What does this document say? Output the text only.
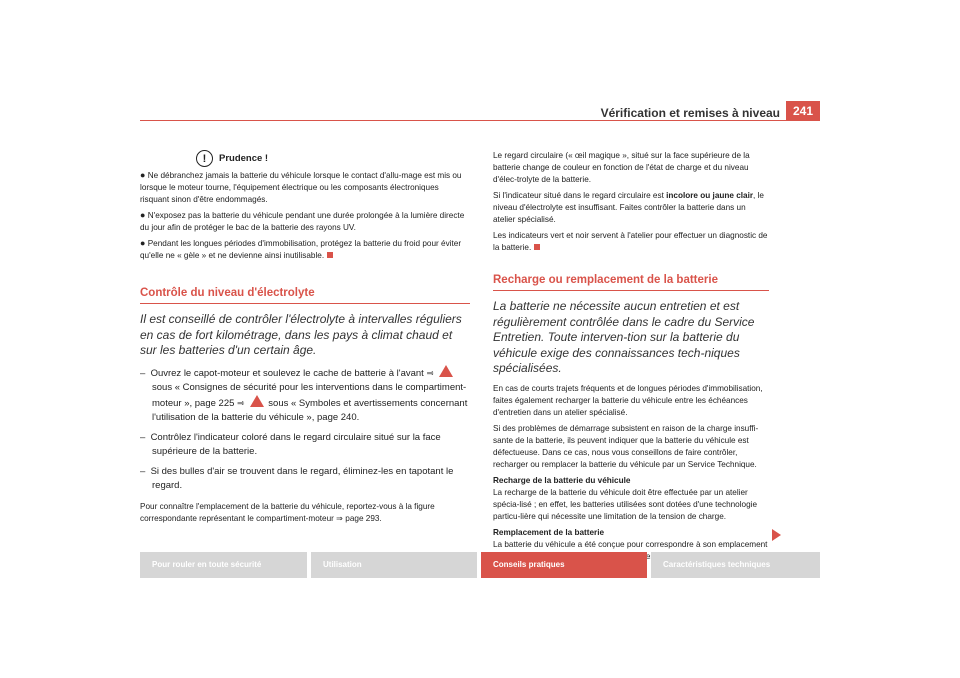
Vérification et remises à niveau	241
!	Prudence !

● Ne débranchez jamais la batterie du véhicule lorsque le contact d'allu-mage est mis ou lorsque le moteur tourne, l'équipement électrique ou les composants électroniques risquant sinon d'être endommagés.

● N'exposez pas la batterie du véhicule pendant une durée prolongée à la lumière directe du jour afin de protéger le bac de la batterie des rayons UV.

● Pendant les longues périodes d'immobilisation, protégez la batterie du froid pour éviter qu'elle ne « gèle » et ne devienne ainsi inutilisable.

Contrôle du niveau d'électrolyte

Il est conseillé de contrôler l'électrolyte à intervalles réguliers en cas de fort kilométrage, dans les pays à climat chaud et sur les batteries d'un certain âge.

–  Ouvrez le capot-moteur et soulevez le cache de batterie à l'avant ⇒ ! sous « Consignes de sécurité pour les interventions dans le compartiment-moteur », page 225 ⇒ ! sous « Symboles et avertissements concernant l'utilisation de la batterie du véhicule », page 240.

–  Contrôlez l'indicateur coloré dans le regard circulaire situé sur la face supérieure de la batterie.

–  Si des bulles d'air se trouvent dans le regard, éliminez-les en tapotant le regard.

Pour connaître l'emplacement de la batterie du véhicule, reportez-vous à la figure correspondante représentant le compartiment-moteur ⇒ page 293.

Le regard circulaire (« œil magique », situé sur la face supérieure de la batterie change de couleur en fonction de l'état de charge et du niveau d'élec-trolyte de la batterie.

Si l'indicateur situé dans le regard circulaire est incolore ou jaune clair, le niveau d'électrolyte est insuffisant. Faites contrôler la batterie dans un atelier spécialisé.

Les indicateurs vert et noir servent à l'atelier pour effectuer un diagnostic de la batterie.

Recharge ou remplacement de la batterie

La batterie ne nécessite aucun entretien et est régulièrement contrôlée dans le cadre du Service Entretien. Toute interven-tion sur la batterie du véhicule exige des connaissances tech-niques spécialisées.

En cas de courts trajets fréquents et de longues périodes d'immobilisation, faites également recharger la batterie du véhicule entre les échéances d'entretien dans un atelier spécialisé.

Si des problèmes de démarrage subsistent en raison de la charge insuffi-sante de la batterie, ils peuvent indiquer que la batterie du véhicule est défectueuse. Dans ce cas, nous vous conseillons de faire contrôler, recharger ou remplacer la batterie du véhicule par un Service Technique.

Recharge de la batterie du véhicule

La recharge de la batterie du véhicule doit être effectuée par un atelier spécia-lisé ; en effet, les batteries utilisées sont dotées d'une technologie particu-lière qui nécessite une limitation de la tension de charge.

Remplacement de la batterie

La batterie du véhicule a été conçue pour correspondre à son emplacement

Pour rouler en toute sécurité	Utilisation	Conseils pratiques	Caractéristiques techniques
